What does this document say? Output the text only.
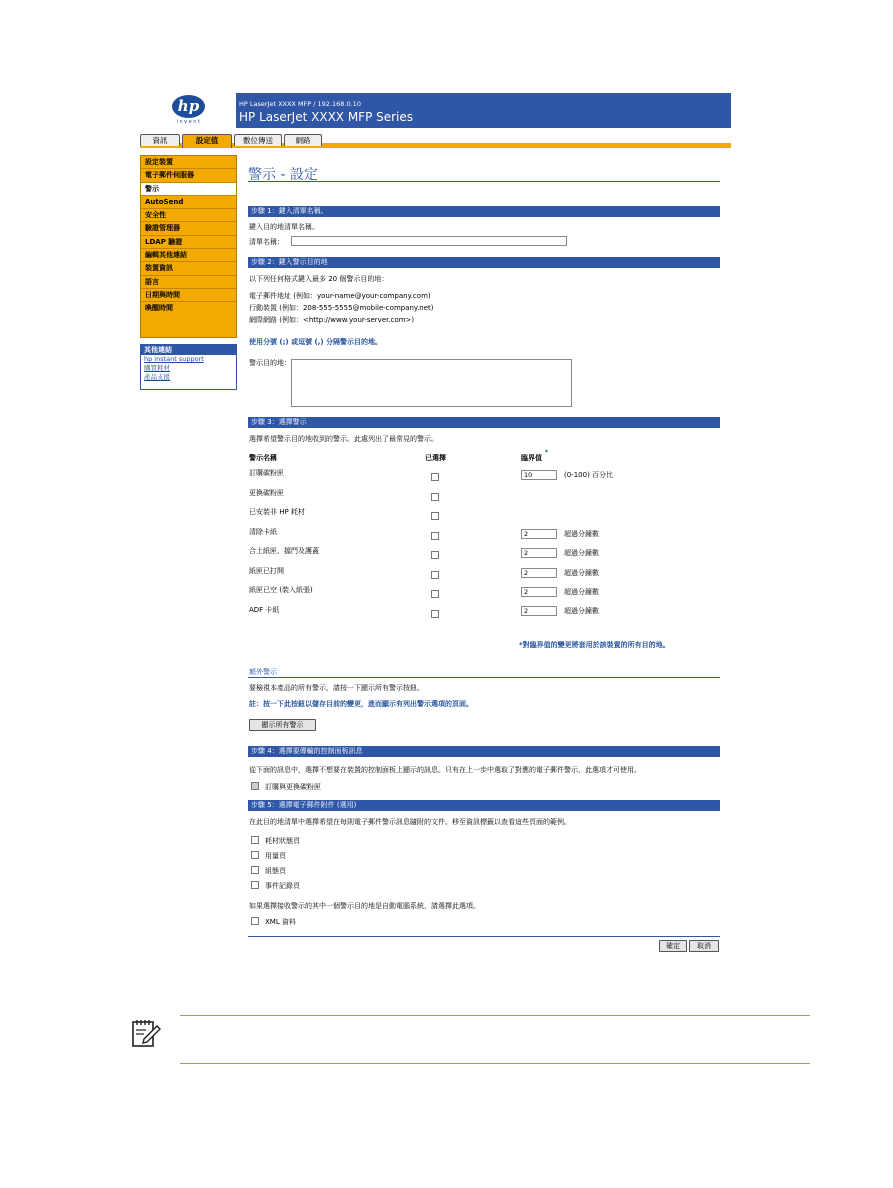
hp
invent
HP LaserJet XXXX MFP / 192.168.0.10
HP LaserJet XXXX MFP Series
資訊	設定值	數位傳送	網路
設定裝置
電子郵件伺服器
警示
AutoSend
安全性
驗證管理器
LDAP 驗證
編輯其他連結
裝置資訊
語言
日期與時間
喚醒時間
其他連結
hp instant support
購買耗材
產品支援
警示 - 設定
步驟 1：鍵入清單名稱。
鍵入目的地清單名稱。
清單名稱：
步驟 2：鍵入警示目的地
以下列任何格式鍵入最多 20 個警示目的地：
電子郵件地址 (例如：your-name@your-company.com)
行動裝置 (例如：208-555-5555@mobile-company.net)
網際網路 (例如：<http://www.your-server.com>)
使用分號 (;) 或逗號 (,) 分隔警示目的地。
警示目的地：
步驟 3：選擇警示
選擇希望警示目的地收到的警示。此處列出了最常見的警示。
警示名稱	已選擇	臨界值
*
訂購碳粉匣	10	(0-100) 百分比
更換碳粉匣
已安裝非 HP 耗材
清除卡紙	2	超過分鐘數
合上紙匣、擋門及護蓋	2	超過分鐘數
紙匣已打開	2	超過分鐘數
紙匣已空 (裝入紙張)	2	超過分鐘數
ADF 卡紙	2	超過分鐘數
*對臨界值的變更將套用於該裝置的所有目的地。
額外警示
要檢視本產品的所有警示，請按一下顯示所有警示按鈕。
註：按一下此按鈕以儲存目前的變更，進而顯示有列出警示選項的頁面。
顯示所有警示
步驟 4：選擇要傳輸的控制面板訊息
從下面的訊息中，選擇不想要在裝置的控制面板上顯示的訊息。只有在上一步中選取了對應的電子郵件警示，此選項才可使用。
訂購與更換碳粉匣
步驟 5：選擇電子郵件附件 (選用)
在此目的地清單中選擇希望在每則電子郵件警示訊息隨附的文件。移至資訊標籤以查看這些頁面的範例。
耗材狀態頁
用量頁
組態頁
事件記錄頁
如果選擇接收警示的其中一個警示目的地是自動電腦系統，請選擇此選項。
XML 資料
確定	取消
